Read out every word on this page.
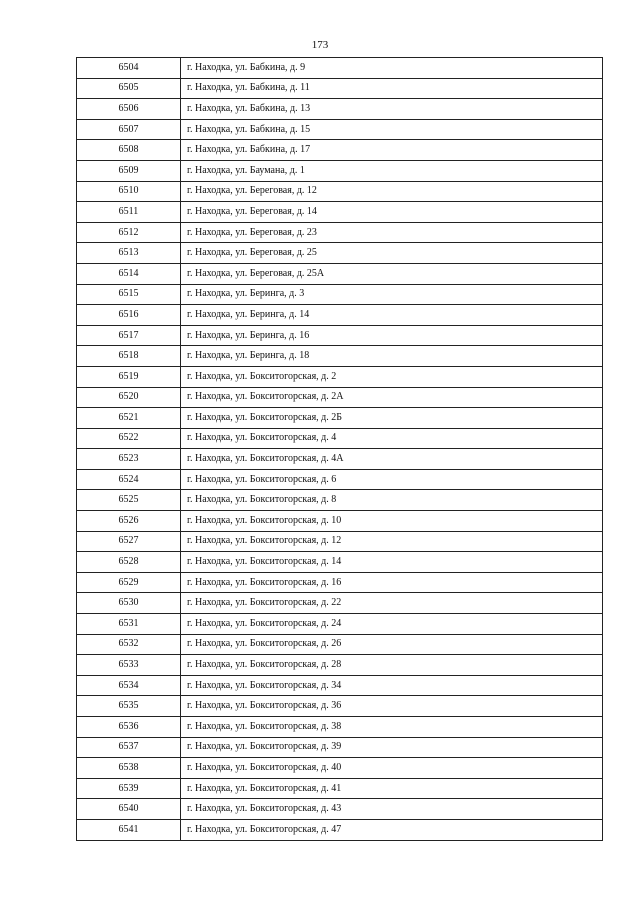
173
6504	г. Находка, ул. Бабкина, д. 9
6505	г. Находка, ул. Бабкина, д. 11
6506	г. Находка, ул. Бабкина, д. 13
6507	г. Находка, ул. Бабкина, д. 15
6508	г. Находка, ул. Бабкина, д. 17
6509	г. Находка, ул. Баумана, д. 1
6510	г. Находка, ул. Береговая, д. 12
6511	г. Находка, ул. Береговая, д. 14
6512	г. Находка, ул. Береговая, д. 23
6513	г. Находка, ул. Береговая, д. 25
6514	г. Находка, ул. Береговая, д. 25А
6515	г. Находка, ул. Беринга, д. 3
6516	г. Находка, ул. Беринга, д. 14
6517	г. Находка, ул. Беринга, д. 16
6518	г. Находка, ул. Беринга, д. 18
6519	г. Находка, ул. Бокситогорская, д. 2
6520	г. Находка, ул. Бокситогорская, д. 2А
6521	г. Находка, ул. Бокситогорская, д. 2Б
6522	г. Находка, ул. Бокситогорская, д. 4
6523	г. Находка, ул. Бокситогорская, д. 4А
6524	г. Находка, ул. Бокситогорская, д. 6
6525	г. Находка, ул. Бокситогорская, д. 8
6526	г. Находка, ул. Бокситогорская, д. 10
6527	г. Находка, ул. Бокситогорская, д. 12
6528	г. Находка, ул. Бокситогорская, д. 14
6529	г. Находка, ул. Бокситогорская, д. 16
6530	г. Находка, ул. Бокситогорская, д. 22
6531	г. Находка, ул. Бокситогорская, д. 24
6532	г. Находка, ул. Бокситогорская, д. 26
6533	г. Находка, ул. Бокситогорская, д. 28
6534	г. Находка, ул. Бокситогорская, д. 34
6535	г. Находка, ул. Бокситогорская, д. 36
6536	г. Находка, ул. Бокситогорская, д. 38
6537	г. Находка, ул. Бокситогорская, д. 39
6538	г. Находка, ул. Бокситогорская, д. 40
6539	г. Находка, ул. Бокситогорская, д. 41
6540	г. Находка, ул. Бокситогорская, д. 43
6541	г. Находка, ул. Бокситогорская, д. 47
